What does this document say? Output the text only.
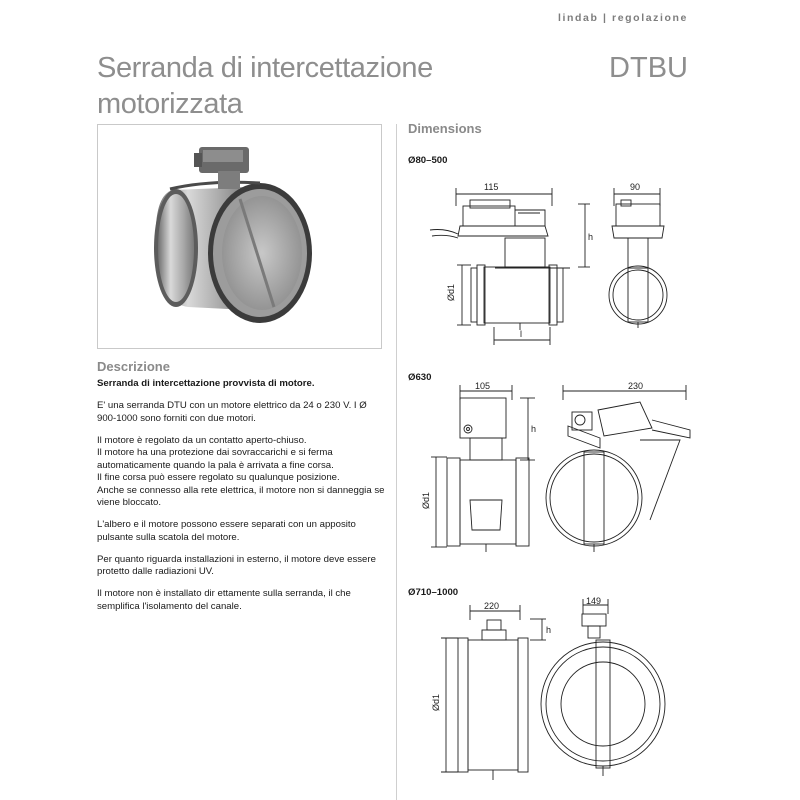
lindab | regolazione
Serranda di intercettazione
motorizzata
DTBU
Descrizione
Serranda di intercettazione provvista di motore.

E' una serranda DTU con un motore elettrico da 24 o 230 V. I Ø 900-1000 sono forniti con due motori.

Il motore è regolato da un contatto aperto-chiuso.
Il motore ha una protezione dai sovraccarichi e si ferma automaticamente quando la pala è arrivata a fine corsa.
Il fine corsa può essere regolato su qualunque posizione.
Anche se connesso alla rete elettrica, il motore non si danneggia se viene bloccato.

L'albero e il motore possono essere separati con un apposito pulsante sulla scatola del motore.

Per quanto riguarda installazioni in esterno, il motore deve essere protetto dalle radiazioni UV.

Il motore non è installato dir ettamente sulla serranda, il che semplifica l'isolamento del canale.

Dimensions
Ø80–500
Ø630
Ø710–1000
115	90
h
Ød1
l
105	230
h
Ød1
220	149
h
Ød1
